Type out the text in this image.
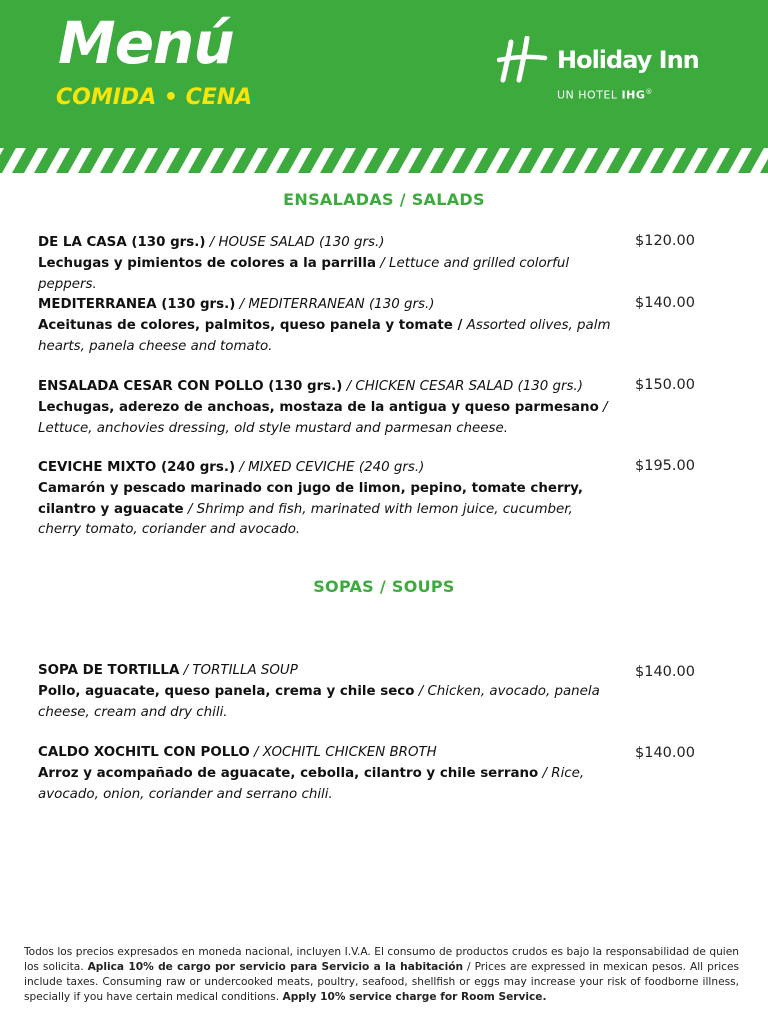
Menú
COMIDA • CENA
Holiday Inn
UN HOTEL IHG®
ENSALADAS / SALADS
DE LA CASA (130 grs.) / HOUSE SALAD (130 grs.)
Lechugas y pimientos de colores a la parrilla / Lettuce and grilled colorful peppers.
$120.00
MEDITERRANEA (130 grs.) / MEDITERRANEAN (130 grs.)
Aceitunas de colores, palmitos, queso panela y tomate / Assorted olives, palm hearts, panela cheese and tomato.
$140.00
ENSALADA CESAR CON POLLO (130 grs.) / CHICKEN CESAR SALAD (130 grs.)
Lechugas, aderezo de anchoas, mostaza de la antigua y queso parmesano / Lettuce, anchovies dressing, old style mustard and parmesan cheese.
$150.00
CEVICHE MIXTO (240 grs.) / MIXED CEVICHE (240 grs.)
Camarón y pescado marinado con jugo de limon, pepino, tomate cherry, cilantro y aguacate / Shrimp and fish, marinated with lemon juice, cucumber, cherry tomato, coriander and avocado.
$195.00
SOPAS / SOUPS
SOPA DE TORTILLA / TORTILLA SOUP
Pollo, aguacate, queso panela, crema y chile seco / Chicken, avocado, panela cheese, cream and dry chili.
$140.00
CALDO XOCHITL CON POLLO / XOCHITL CHICKEN BROTH
Arroz y acompañado de aguacate, cebolla, cilantro y chile serrano / Rice, avocado, onion, coriander and serrano chili.
$140.00
Todos los precios expresados en moneda nacional, incluyen I.V.A. El consumo de productos crudos es bajo la responsabilidad de quien los solicita. Aplica 10% de cargo por servicio para Servicio a la habitación / Prices are expressed in mexican pesos. All prices include taxes. Consuming raw or undercooked meats, poultry, seafood, shellfish or eggs may increase your risk of foodborne illness, specially if you have certain medical conditions. Apply 10% service charge for Room Service.
